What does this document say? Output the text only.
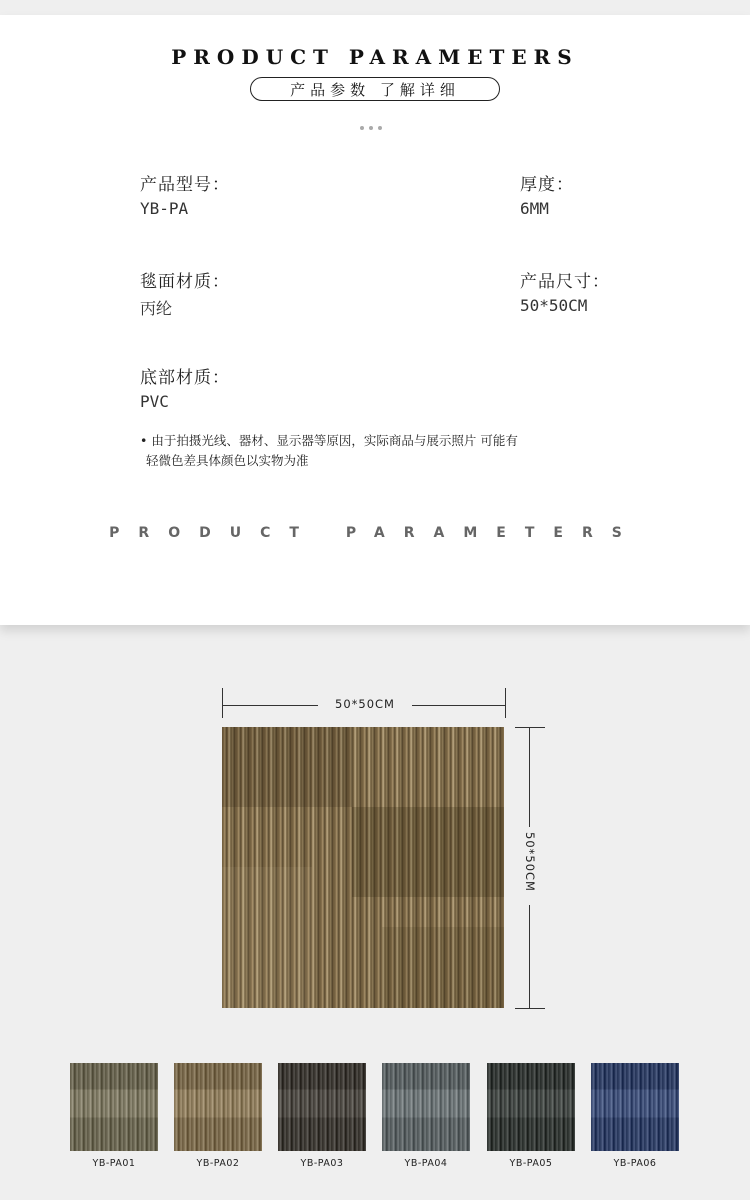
PRODUCT PARAMETERS
产品参数 了解详细
产品型号：
YB-PA
厚度：
6MM
毯面材质：
丙纶
产品尺寸：
50*50CM
底部材质：
PVC
• 由于拍摄光线、器材、显示器等原因，实际商品与展示照片 可能有
轻微色差具体颜色以实物为准
PRODUCT PARAMETERS
50*50CM
50*50CM
YB-PA01	YB-PA02	YB-PA03	YB-PA04	YB-PA05	YB-PA06
